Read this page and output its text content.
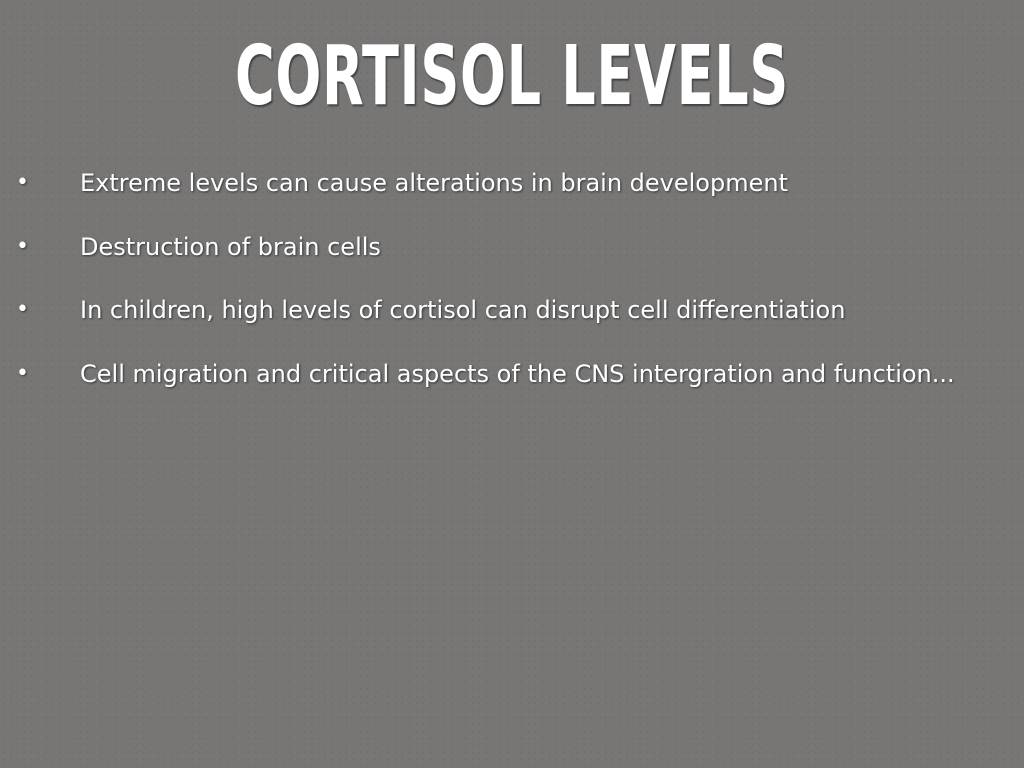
CORTISOL LEVELS
• Extreme levels can cause alterations in brain development
• Destruction of brain cells
• In children, high levels of cortisol can disrupt cell differentiation
• Cell migration and critical aspects of the CNS intergration and function...
